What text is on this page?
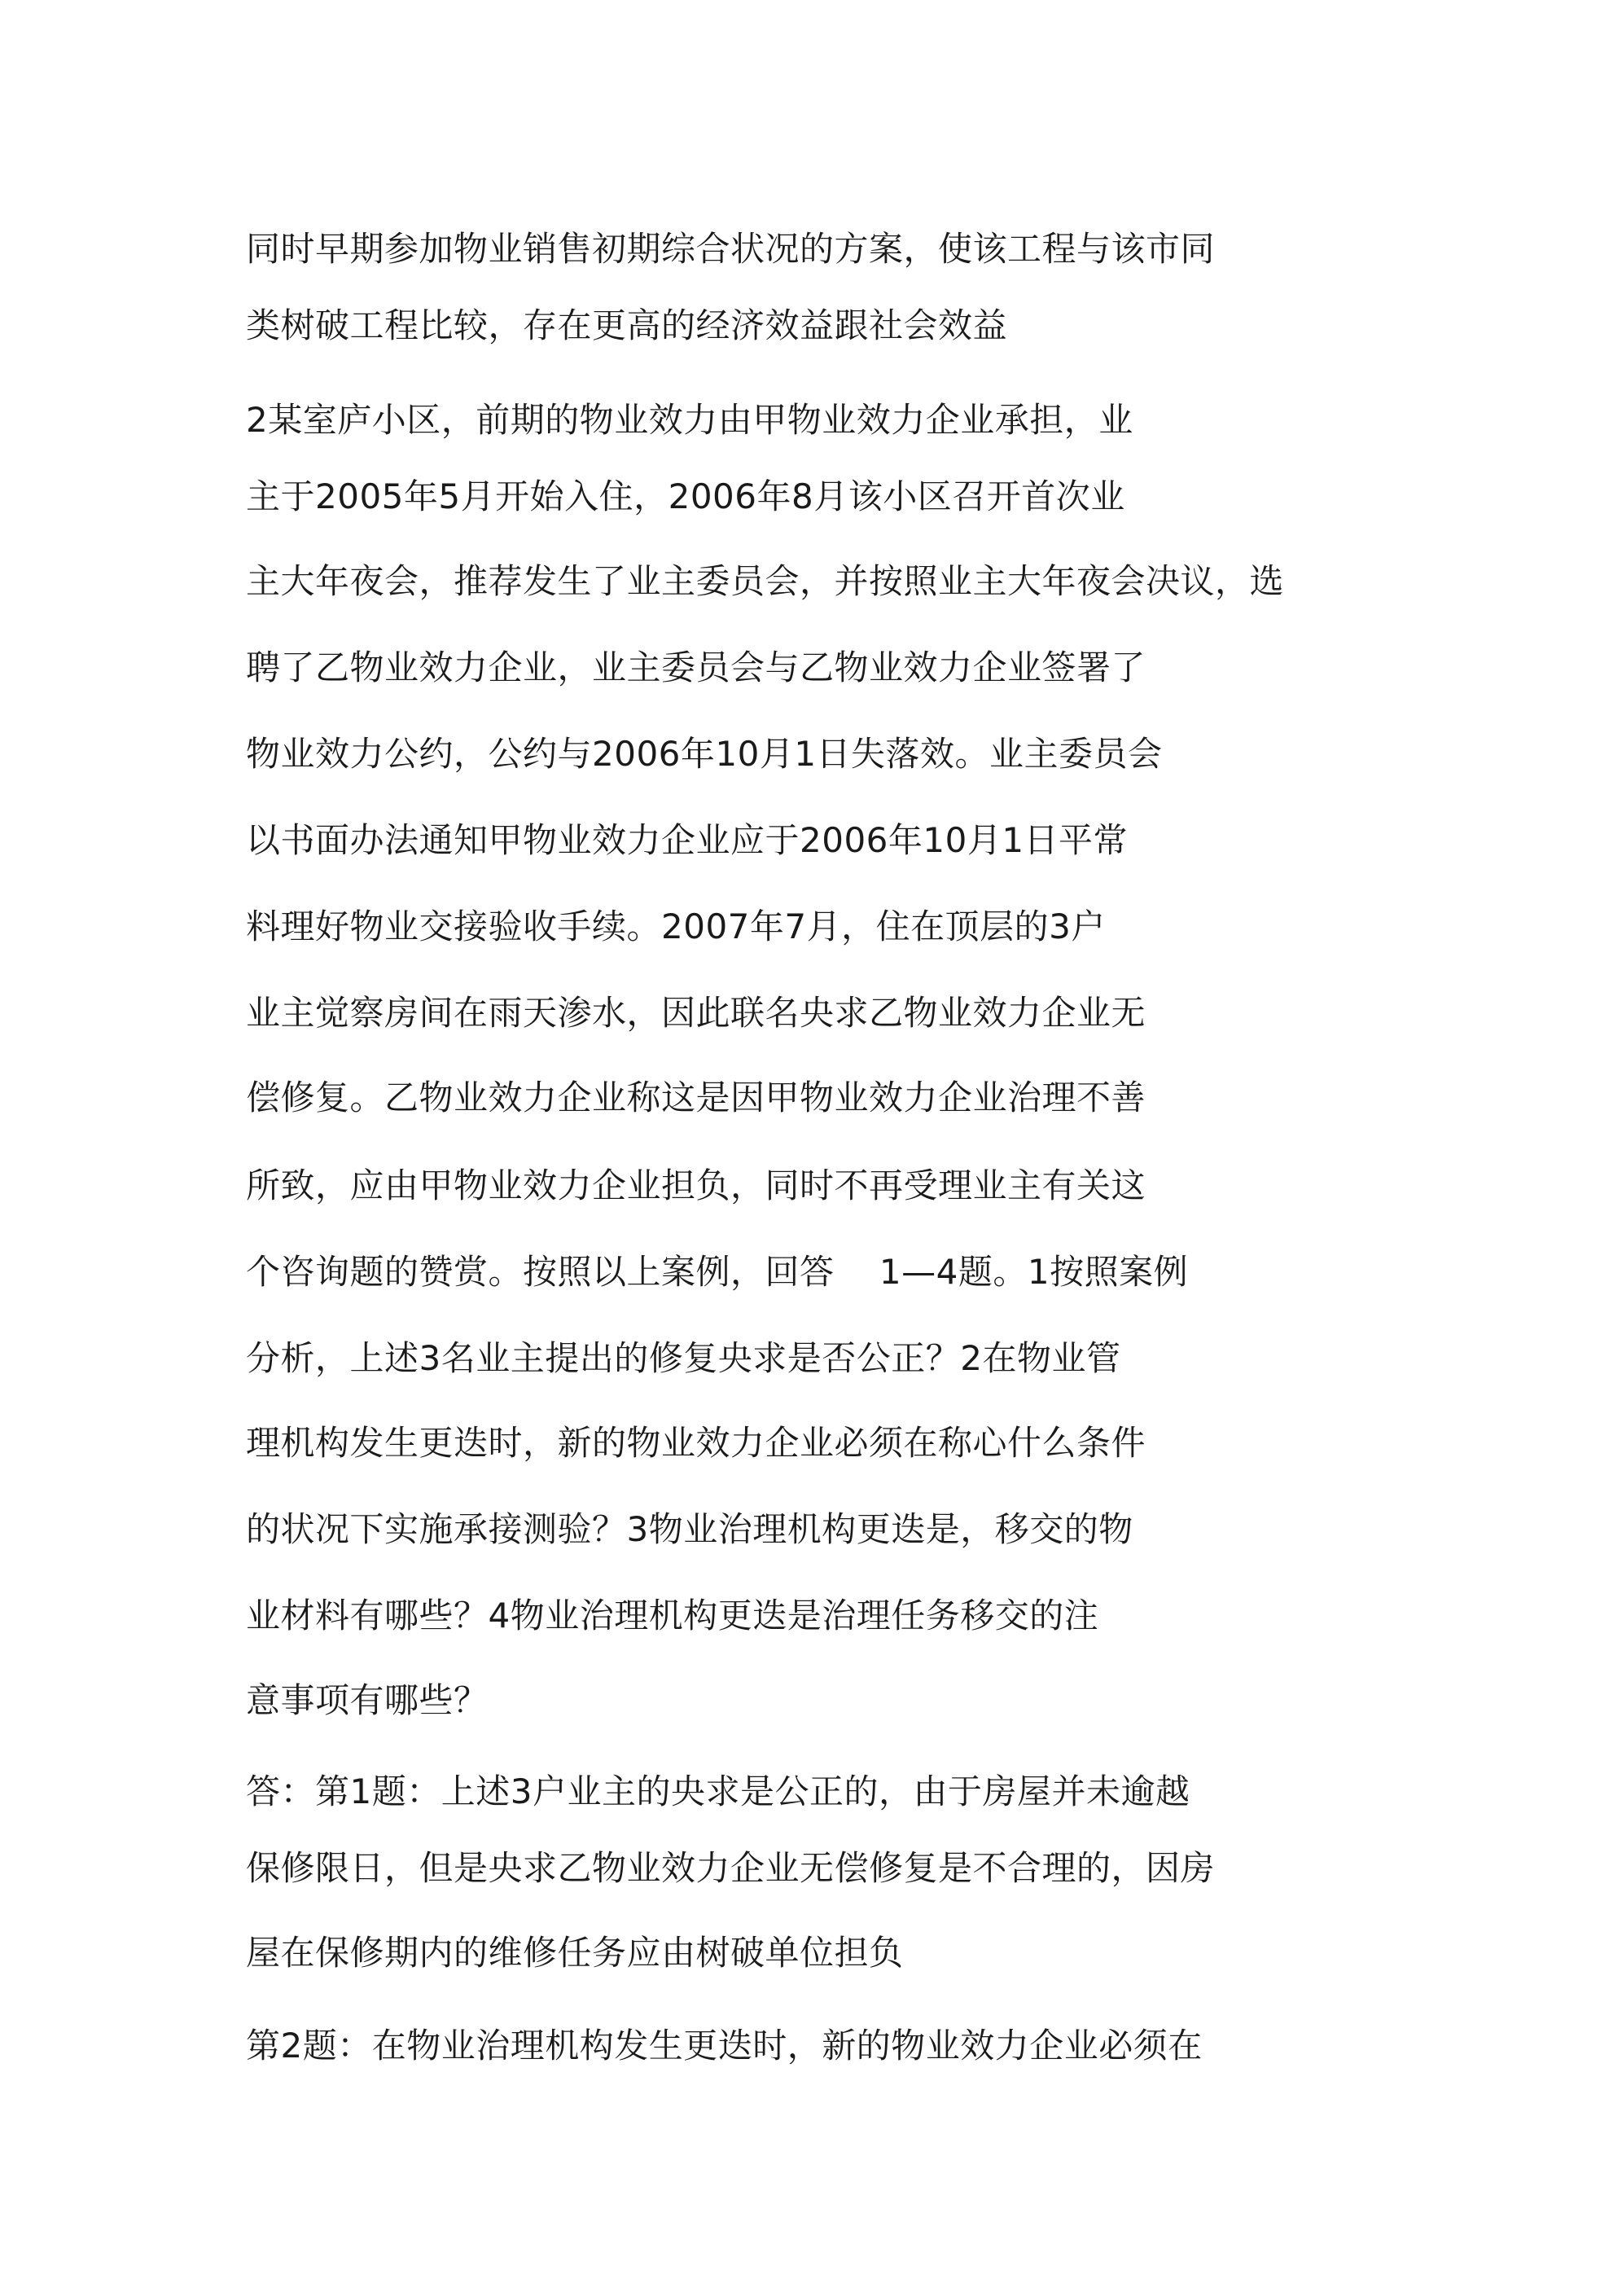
同时早期参加物业销售初期综合状况的方案，使该工程与该市同
类树破工程比较，存在更高的经济效益跟社会效益
2某室庐小区，前期的物业效力由甲物业效力企业承担，业
主于2005年5月开始入住，2006年8月该小区召开首次业
主大年夜会，推荐发生了业主委员会，并按照业主大年夜会决议，选
聘了乙物业效力企业，业主委员会与乙物业效力企业签署了
物业效力公约，公约与2006年10月1日失落效。业主委员会
以书面办法通知甲物业效力企业应于2006年10月1日平常
料理好物业交接验收手续。2007年7月，住在顶层的3户
业主觉察房间在雨天渗水，因此联名央求乙物业效力企业无
偿修复。乙物业效力企业称这是因甲物业效力企业治理不善
所致，应由甲物业效力企业担负，同时不再受理业主有关这
个咨询题的赞赏。按照以上案例，回答    1—4题。1按照案例
分析，上述3名业主提出的修复央求是否公正？2在物业管
理机构发生更迭时，新的物业效力企业必须在称心什么条件
的状况下实施承接测验？3物业治理机构更迭是，移交的物
业材料有哪些？4物业治理机构更迭是治理任务移交的注
意事项有哪些？
答：第1题：上述3户业主的央求是公正的，由于房屋并未逾越
保修限日，但是央求乙物业效力企业无偿修复是不合理的，因房
屋在保修期内的维修任务应由树破单位担负
第2题：在物业治理机构发生更迭时，新的物业效力企业必须在
